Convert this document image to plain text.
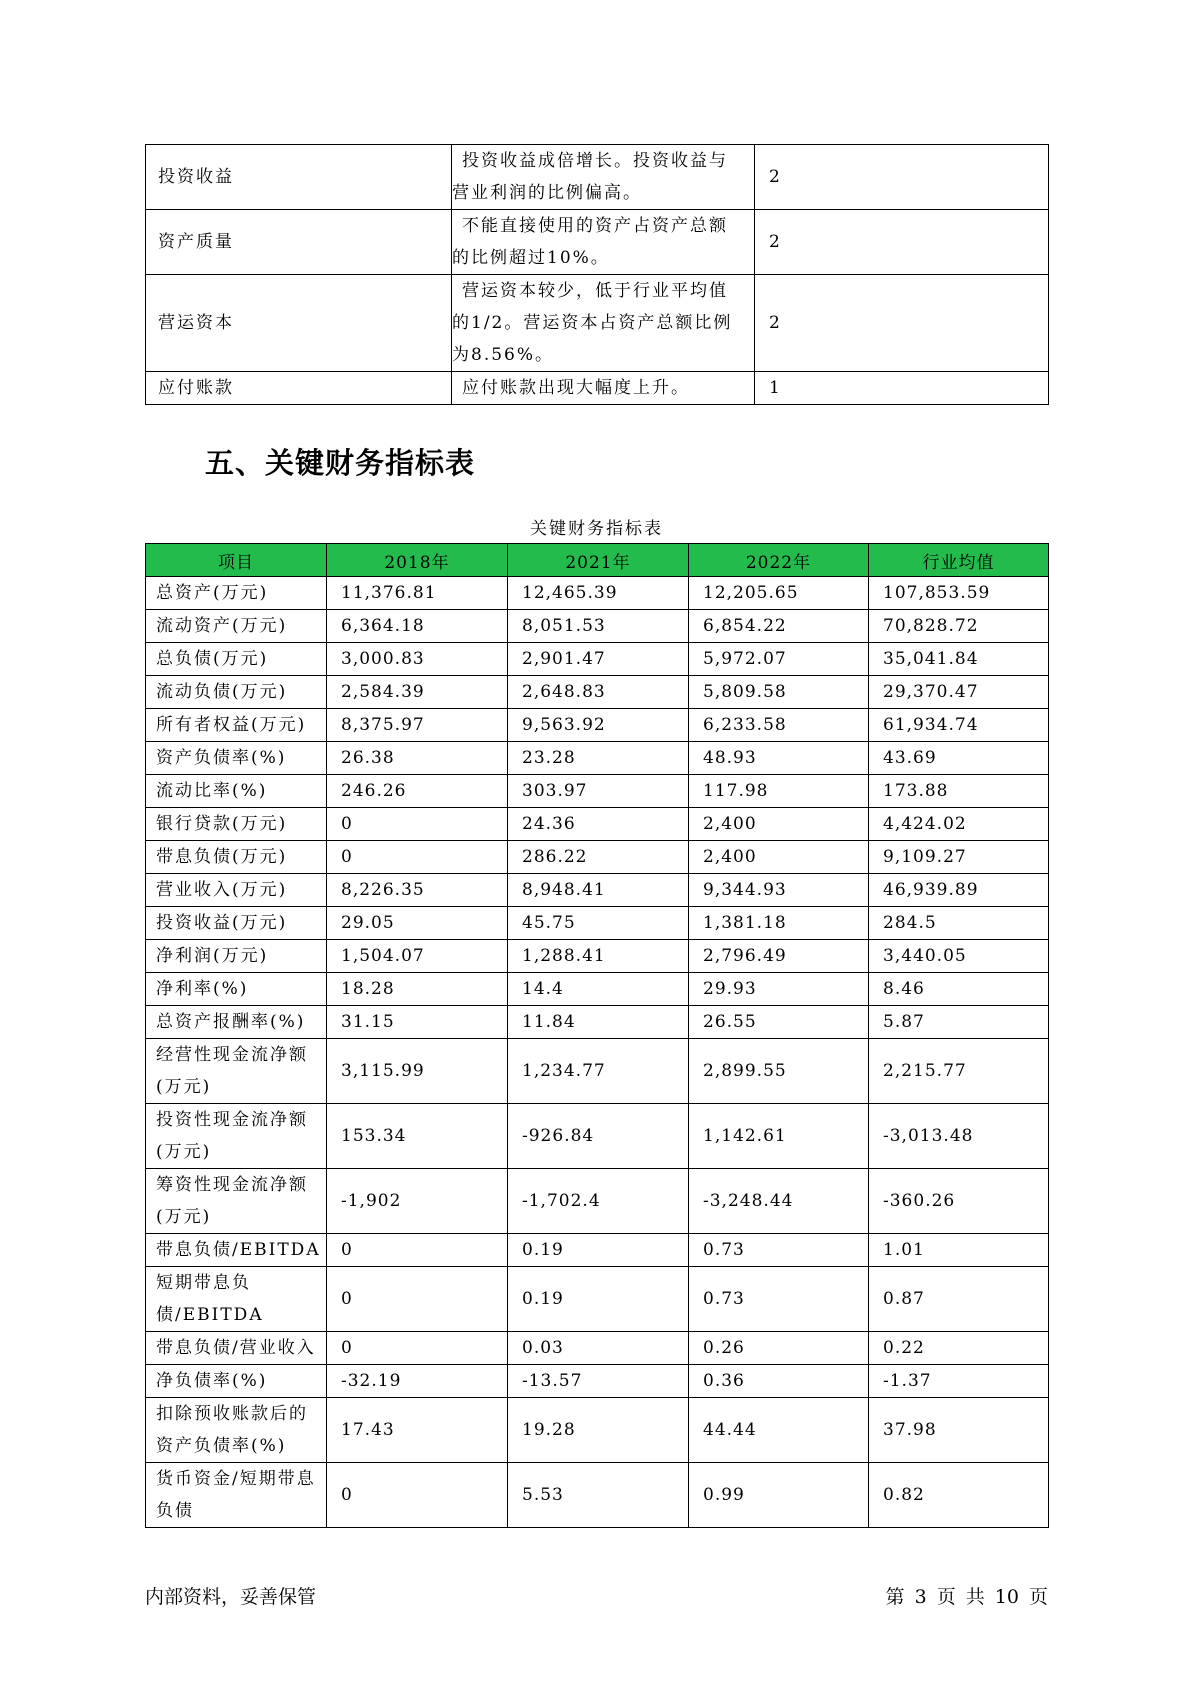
投资收益	投资收益成倍增长。投资收益与营业利润的比例偏高。	2
资产质量	不能直接使用的资产占资产总额的比例超过10%。	2
营运资本	营运资本较少，低于行业平均值的1/2。营运资本占资产总额比例为8.56%。	2
应付账款	应付账款出现大幅度上升。	1
五、关键财务指标表
关键财务指标表
项目	2018年	2021年	2022年	行业均值
总资产(万元)	11,376.81	12,465.39	12,205.65	107,853.59
流动资产(万元)	6,364.18	8,051.53	6,854.22	70,828.72
总负债(万元)	3,000.83	2,901.47	5,972.07	35,041.84
流动负债(万元)	2,584.39	2,648.83	5,809.58	29,370.47
所有者权益(万元)	8,375.97	9,563.92	6,233.58	61,934.74
资产负债率(%)	26.38	23.28	48.93	43.69
流动比率(%)	246.26	303.97	117.98	173.88
银行贷款(万元)	0	24.36	2,400	4,424.02
带息负债(万元)	0	286.22	2,400	9,109.27
营业收入(万元)	8,226.35	8,948.41	9,344.93	46,939.89
投资收益(万元)	29.05	45.75	1,381.18	284.5
净利润(万元)	1,504.07	1,288.41	2,796.49	3,440.05
净利率(%)	18.28	14.4	29.93	8.46
总资产报酬率(%)	31.15	11.84	26.55	5.87
经营性现金流净额(万元)	3,115.99	1,234.77	2,899.55	2,215.77
投资性现金流净额(万元)	153.34	-926.84	1,142.61	-3,013.48
筹资性现金流净额(万元)	-1,902	-1,702.4	-3,248.44	-360.26
带息负债/EBITDA	0	0.19	0.73	1.01
短期带息负债/EBITDA	0	0.19	0.73	0.87
带息负债/营业收入	0	0.03	0.26	0.22
净负债率(%)	-32.19	-13.57	0.36	-1.37
扣除预收账款后的资产负债率(%)	17.43	19.28	44.44	37.98
货币资金/短期带息负债	0	5.53	0.99	0.82
内部资料，妥善保管	第 3 页 共 10 页
